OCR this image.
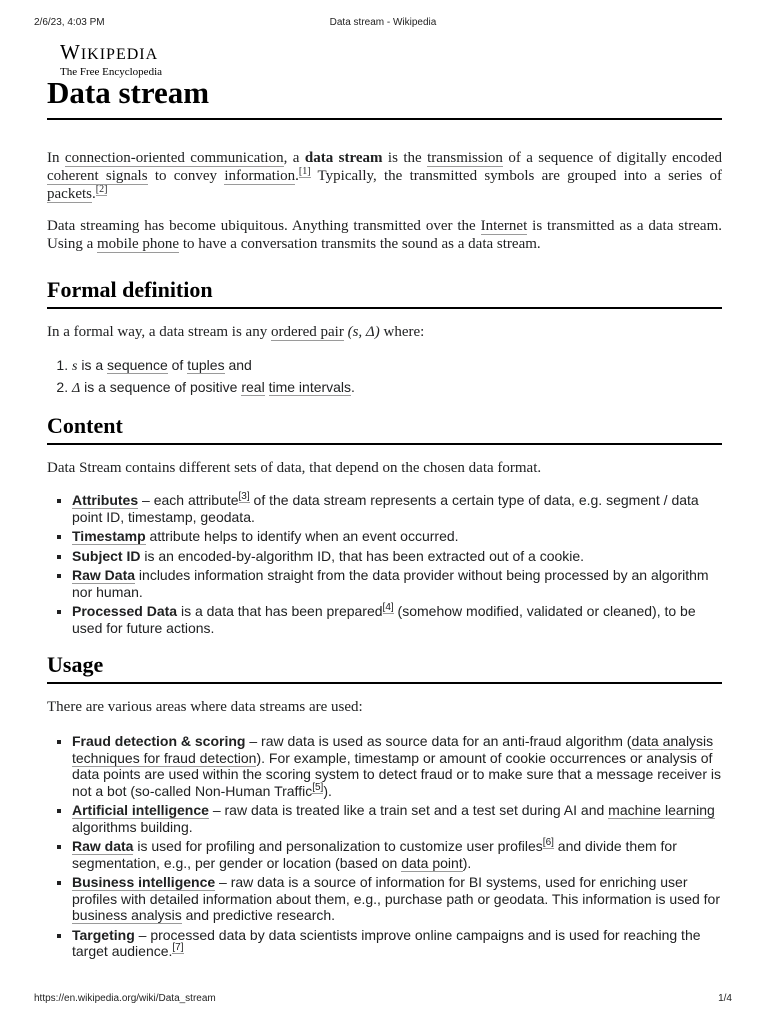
2/6/23, 4:03 PM	Data stream - Wikipedia
WIKIPEDIA
The Free Encyclopedia
Data stream

In connection-oriented communication, a data stream is the transmission of a sequence of digitally encoded coherent signals to convey information.[1] Typically, the transmitted symbols are grouped into a series of packets.[2]

Data streaming has become ubiquitous. Anything transmitted over the Internet is transmitted as a data stream. Using a mobile phone to have a conversation transmits the sound as a data stream.

Formal definition

In a formal way, a data stream is any ordered pair (s, Δ) where:

1. s is a sequence of tuples and
2. Δ is a sequence of positive real time intervals.
Content

Data Stream contains different sets of data, that depend on the chosen data format.

▪ Attributes – each attribute[3] of the data stream represents a certain type of data, e.g. segment / data point ID, timestamp, geodata.
▪ Timestamp attribute helps to identify when an event occurred.
▪ Subject ID is an encoded-by-algorithm ID, that has been extracted out of a cookie.
▪ Raw Data includes information straight from the data provider without being processed by an algorithm nor human.
▪ Processed Data is a data that has been prepared[4] (somehow modified, validated or cleaned), to be used for future actions.
Usage

There are various areas where data streams are used:

▪ Fraud detection & scoring – raw data is used as source data for an anti-fraud algorithm (data analysis techniques for fraud detection). For example, timestamp or amount of cookie occurrences or analysis of data points are used within the scoring system to detect fraud or to make sure that a message receiver is not a bot (so-called Non-Human Traffic[5]).
▪ Artificial intelligence – raw data is treated like a train set and a test set during AI and machine learning algorithms building.
▪ Raw data is used for profiling and personalization to customize user profiles[6] and divide them for segmentation, e.g., per gender or location (based on data point).
▪ Business intelligence – raw data is a source of information for BI systems, used for enriching user profiles with detailed information about them, e.g., purchase path or geodata. This information is used for business analysis and predictive research.
▪ Targeting – processed data by data scientists improve online campaigns and is used for reaching the target audience.[7]
https://en.wikipedia.org/wiki/Data_stream	1/4
